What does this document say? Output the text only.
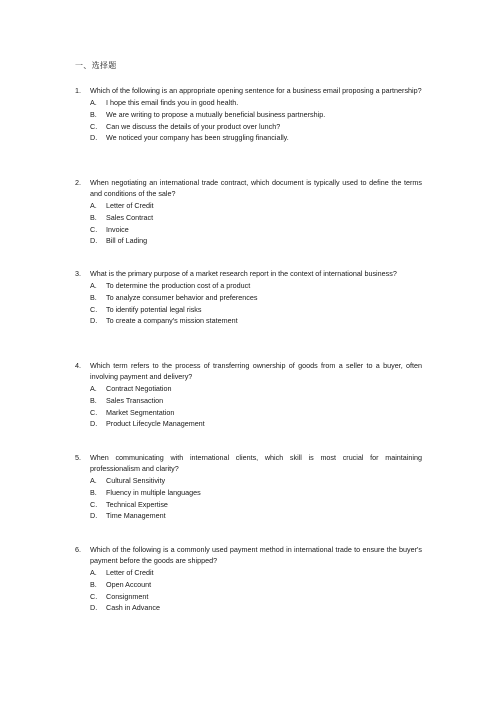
一、选择题
1.	Which of the following is an appropriate opening sentence for a business email proposing a partnership?
A.	I hope this email finds you in good health.
B.	We are writing to propose a mutually beneficial business partnership.
C.	Can we discuss the details of your product over lunch?
D.	We noticed your company has been struggling financially.
2.	When negotiating an international trade contract, which document is typically used to define the terms and conditions of the sale?
A.	Letter of Credit
B.	Sales Contract
C.	Invoice
D.	Bill of Lading
3.	What is the primary purpose of a market research report in the context of international business?
A.	To determine the production cost of a product
B.	To analyze consumer behavior and preferences
C.	To identify potential legal risks
D.	To create a company's mission statement
4.	Which term refers to the process of transferring ownership of goods from a seller to a buyer, often involving payment and delivery?
A.	Contract Negotiation
B.	Sales Transaction
C.	Market Segmentation
D.	Product Lifecycle Management
5.	When communicating with international clients, which skill is most crucial for maintaining professionalism and clarity?
A.	Cultural Sensitivity
B.	Fluency in multiple languages
C.	Technical Expertise
D.	Time Management
6.	Which of the following is a commonly used payment method in international trade to ensure the buyer's payment before the goods are shipped?
A.	Letter of Credit
B.	Open Account
C.	Consignment
D.	Cash in Advance
